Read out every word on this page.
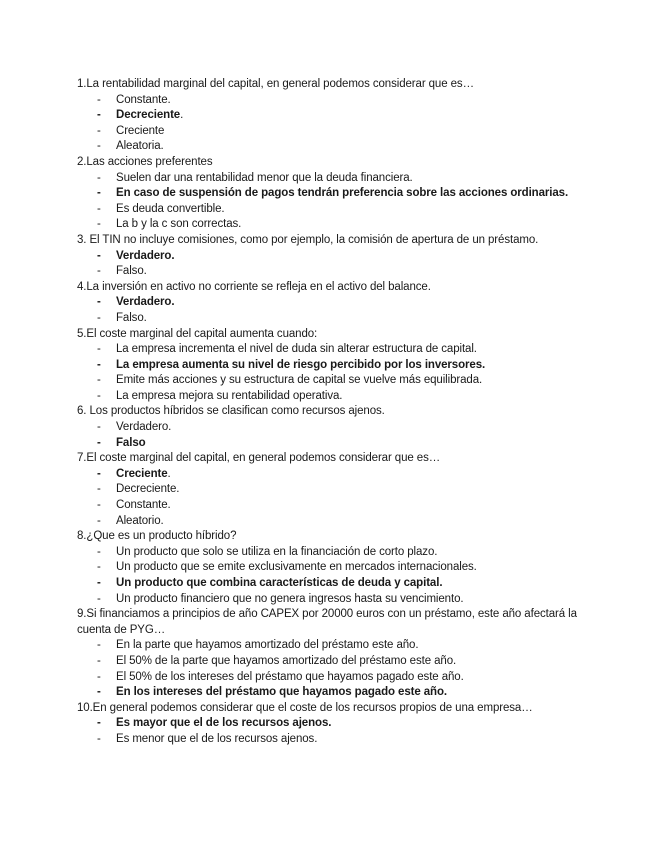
1.La rentabilidad marginal del capital, en general podemos considerar que es…

- Constante.
- Decreciente.
- Creciente
- Aleatoria.

2.Las acciones preferentes

- Suelen dar una rentabilidad menor que la deuda financiera.
- En caso de suspensión de pagos tendrán preferencia sobre las acciones ordinarias.
- Es deuda convertible.
- La b y la c son correctas.

3. El TIN no incluye comisiones, como por ejemplo, la comisión de apertura de un préstamo.

- Verdadero.
- Falso.

4.La inversión en activo no corriente se refleja en el activo del balance.

- Verdadero.
- Falso.

5.El coste marginal del capital aumenta cuando:

- La empresa incrementa el nivel de duda sin alterar estructura de capital.
- La empresa aumenta su nivel de riesgo percibido por los inversores.
- Emite más acciones y su estructura de capital se vuelve más equilibrada.
- La empresa mejora su rentabilidad operativa.

6. Los productos híbridos se clasifican como recursos ajenos.

- Verdadero.
- Falso

7.El coste marginal del capital, en general podemos considerar que es…

- Creciente.
- Decreciente.
- Constante.
- Aleatorio.

8.¿Que es un producto híbrido?

- Un producto que solo se utiliza en la financiación de corto plazo.
- Un producto que se emite exclusivamente en mercados internacionales.
- Un producto que combina características de deuda y capital.
- Un producto financiero que no genera ingresos hasta su vencimiento.

9.Si financiamos a principios de año CAPEX por 20000 euros con un préstamo, este año afectará la cuenta de PYG…

- En la parte que hayamos amortizado del préstamo este año.
- El 50% de la parte que hayamos amortizado del préstamo este año.
- El 50% de los intereses del préstamo que hayamos pagado este año.
- En los intereses del préstamo que hayamos pagado este año.

10.En general podemos considerar que el coste de los recursos propios de una empresa…

- Es mayor que el de los recursos ajenos.
- Es menor que el de los recursos ajenos.
